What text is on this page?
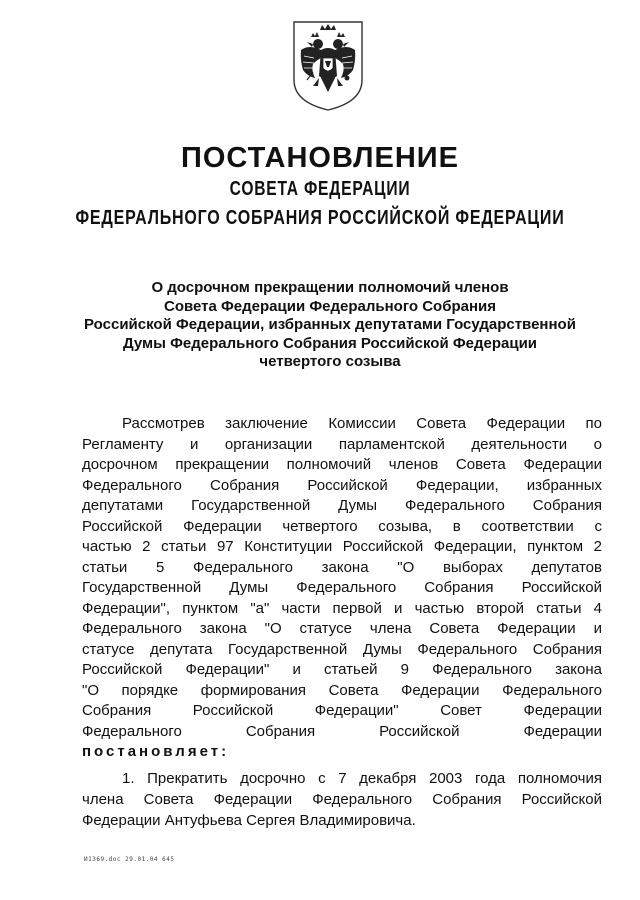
ПОСТАНОВЛЕНИЕ
СОВЕТА ФЕДЕРАЦИИ
ФЕДЕРАЛЬНОГО СОБРАНИЯ РОССИЙСКОЙ ФЕДЕРАЦИИ
О досрочном прекращении полномочий членов
Совета Федерации Федерального Собрания
Российской Федерации, избранных депутатами Государственной
Думы Федерального Собрания Российской Федерации
четвертого созыва
Рассмотрев заключение Комиссии Совета Федерации по
Регламенту и организации парламентской деятельности о
досрочном прекращении полномочий членов Совета Федерации
Федерального Собрания Российской Федерации, избранных
депутатами Государственной Думы Федерального Собрания
Российской Федерации четвертого созыва, в соответствии с
частью 2 статьи 97 Конституции Российской Федерации, пунктом 2
статьи 5 Федерального закона "О выборах депутатов
Государственной Думы Федерального Собрания Российской
Федерации", пунктом "а" части первой и частью второй статьи 4
Федерального закона "О статусе члена Совета Федерации и
статусе депутата Государственной Думы Федерального Собрания
Российской Федерации" и статьей 9 Федерального закона
"О порядке формирования Совета Федерации Федерального
Собрания Российской Федерации" Совет Федерации
Федерального Собрания Российской Федерации
постановляет:
1. Прекратить досрочно с 7 декабря 2003 года полномочия
члена Совета Федерации Федерального Собрания Российской
Федерации Антуфьева Сергея Владимировича.
И1369.doc 29.01.04 645
